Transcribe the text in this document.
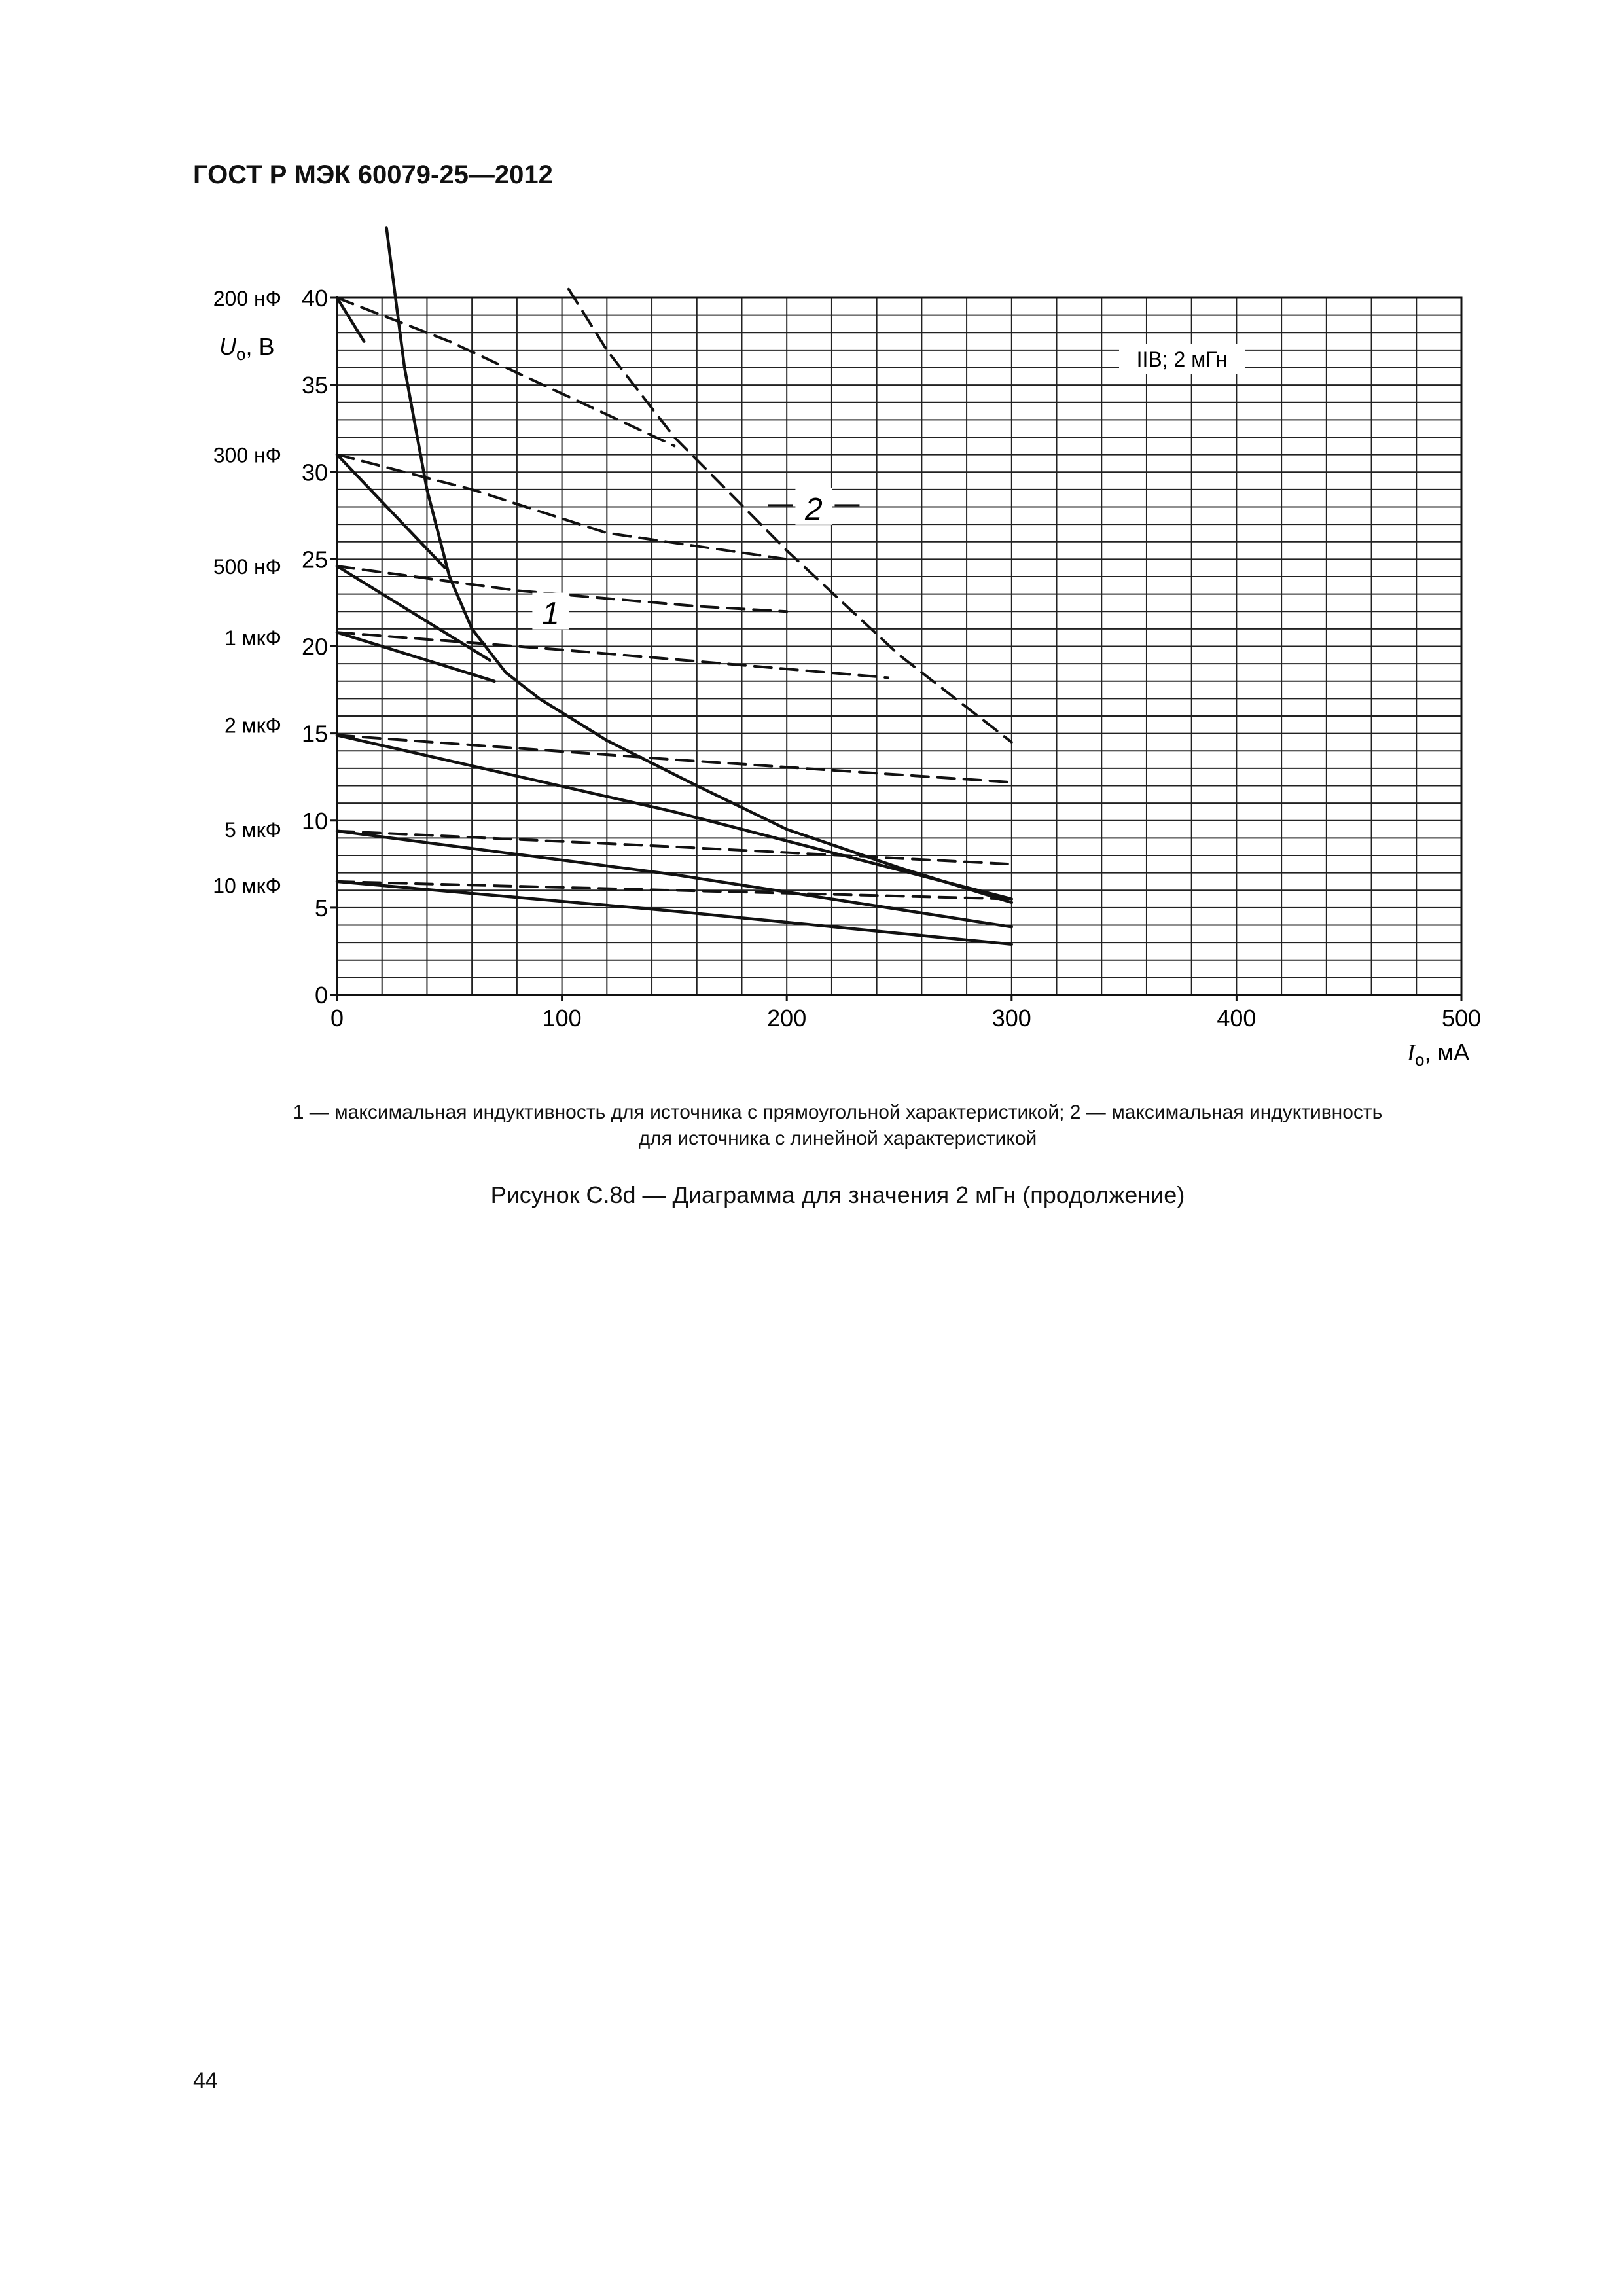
ГОСТ Р МЭК 60079-25—2012
0	100	200	300	400	500
0
5
10
15
20
25
30
35
40
200 нФ
300 нФ
500 нФ
1 мкФ
2 мкФ
5 мкФ
10 мкФ
$U_о$, В
$I_о$, мА
IIB; 2 мГн
1
2
1 — максимальная индуктивность для источника с прямоугольной характеристикой; 2 — максимальная индуктивность
для источника с линейной характеристикой
Рисунок С.8d — Диаграмма для значения 2 мГн (продолжение)
44
